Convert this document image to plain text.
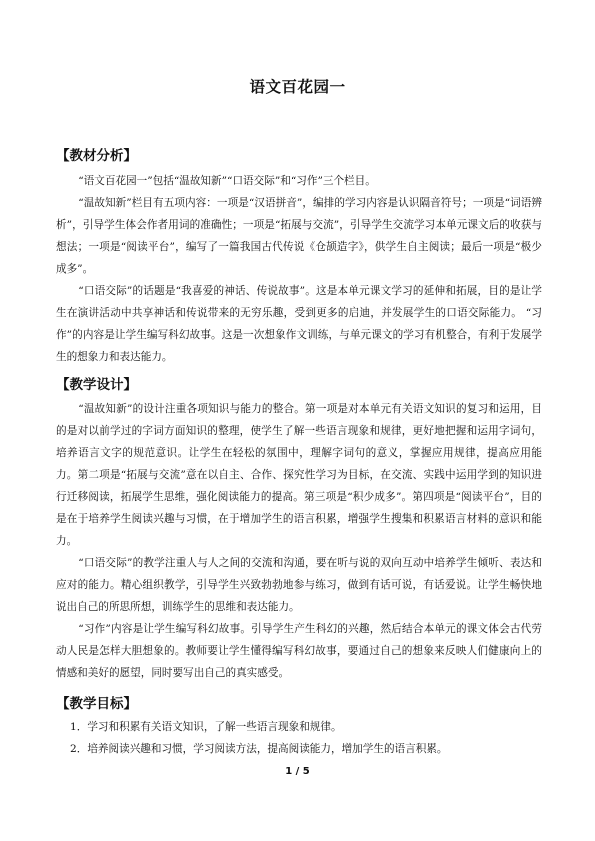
语文百花园一
【教材分析】
“语文百花园一”包括“温故知新”“口语交际”和“习作”三个栏目。
“温故知新”栏目有五项内容：一项是“汉语拼音”，编排的学习内容是认识隔音符号；一项是“词语辨析”，引导学生体会作者用词的准确性；一项是“拓展与交流”，引导学生交流学习本单元课文后的收获与想法；一项是“阅读平台”，编写了一篇我国古代传说《仓颉造字》，供学生自主阅读；最后一项是“极少成多”。
“口语交际”的话题是“我喜爱的神话、传说故事”。这是本单元课文学习的延伸和拓展，目的是让学生在演讲活动中共享神话和传说带来的无穷乐趣，受到更多的启迪，并发展学生的口语交际能力。 “习作”的内容是让学生编写科幻故事。这是一次想象作文训练，与单元课文的学习有机整合，有利于发展学生的想象力和表达能力。
【教学设计】
“温故知新”的设计注重各项知识与能力的整合。第一项是对本单元有关语文知识的复习和运用，目的是对以前学过的字词方面知识的整理，使学生了解一些语言现象和规律，更好地把握和运用字词句，培养语言文字的规范意识。让学生在轻松的氛围中，理解字词句的意义，掌握应用规律，提高应用能力。第二项是“拓展与交流”意在以自主、合作、探究性学习为目标，在交流、实践中运用学到的知识进行迁移阅读，拓展学生思维，强化阅读能力的提高。第三项是“积少成多”。第四项是“阅读平台”，目的是在于培养学生阅读兴趣与习惯，在于增加学生的语言积累，增强学生搜集和积累语言材料的意识和能力。
“口语交际”的教学注重人与人之间的交流和沟通，要在听与说的双向互动中培养学生倾听、表达和应对的能力。精心组织教学，引导学生兴致勃勃地参与练习，做到有话可说，有话爱说。让学生畅快地说出自己的所思所想，训练学生的思维和表达能力。
“习作”内容是让学生编写科幻故事。引导学生产生科幻的兴趣，然后结合本单元的课文体会古代劳动人民是怎样大胆想象的。教师要让学生懂得编写科幻故事，要通过自己的想象来反映人们健康向上的情感和美好的愿望，同时要写出自己的真实感受。
【教学目标】
1．学习和积累有关语文知识，了解一些语言现象和规律。
2．培养阅读兴趣和习惯，学习阅读方法，提高阅读能力，增加学生的语言积累。
1 / 5
